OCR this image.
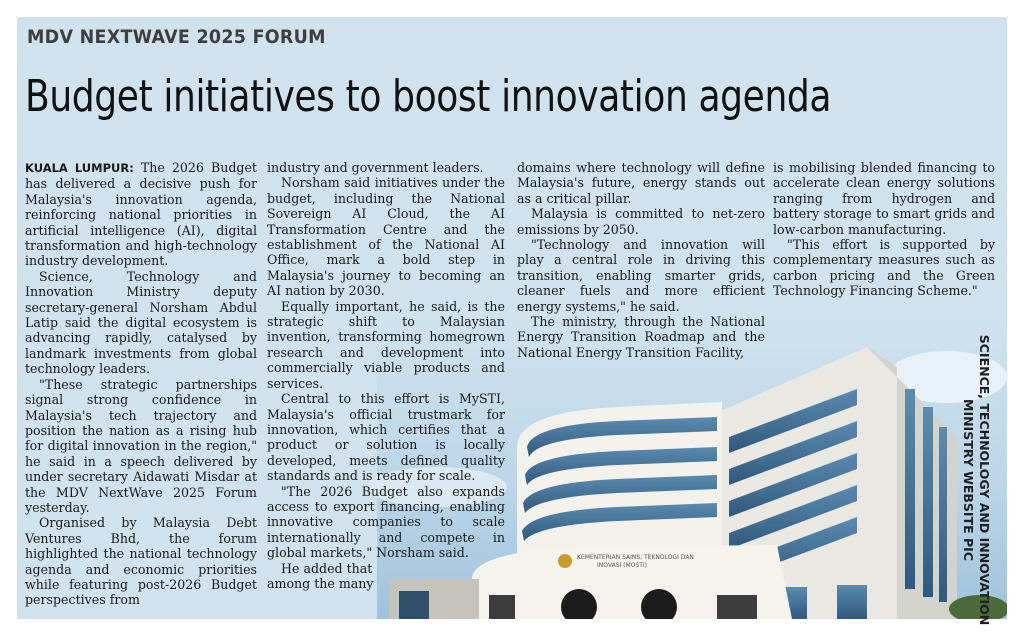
KEMENTERIAN SAINS, TEKNOLOGI DAN
INOVASI (MOSTI)
MDV NEXTWAVE 2025 FORUM
Budget initiatives to boost innovation agenda

KUALA LUMPUR: The 2026 Budget has delivered a decisive push for Malaysia's innovation agenda, reinforcing national priorities in artificial intelligence (AI), digital transformation and high-technology industry development.

Science, Technology and Innovation Ministry deputy secretary-general Norsham Abdul Latip said the digital ecosystem is advancing rapidly, catalysed by landmark investments from global technology leaders.

"These strategic partnerships signal strong confidence in Malaysia's tech trajectory and position the nation as a rising hub for digital innovation in the region," he said in a speech delivered by under secretary Aidawati Misdar at the MDV NextWave 2025 Forum yesterday.

Organised by Malaysia Debt Ventures Bhd, the forum highlighted the national technology agenda and economic priorities while featuring post-2026 Budget perspectives from

industry and government leaders.

Norsham said initiatives under the budget, including the National Sovereign AI Cloud, the AI Transformation Centre and the establishment of the National AI Office, mark a bold step in Malaysia's journey to becoming an AI nation by 2030.

Equally important, he said, is the strategic shift to Malaysian invention, transforming homegrown research and development into commercially viable products and services.

Central to this effort is MySTI, Malaysia's official trustmark for innovation, which certifies that a product or solution is locally developed, meets defined quality standards and is ready for scale.

"The 2026 Budget also expands access to export financing, enabling innovative companies to scale internationally and compete in global markets," Norsham said.

He added that among the many

domains where technology will define Malaysia's future, energy stands out as a critical pillar.

Malaysia is committed to net-zero emissions by 2050.

"Technology and innovation will play a central role in driving this transition, enabling smarter grids, cleaner fuels and more efficient energy systems," he said.

The ministry, through the National Energy Transition Roadmap and the National Energy Transition Facility,

is mobilising blended financing to accelerate clean energy solutions ranging from hydrogen and battery storage to smart grids and low-carbon manufacturing.

"This effort is supported by complementary measures such as carbon pricing and the Green Technology Financing Scheme."

SCIENCE, TECHNOLOGY AND INNOVATION
MINISTRY WEBSITE PIC
